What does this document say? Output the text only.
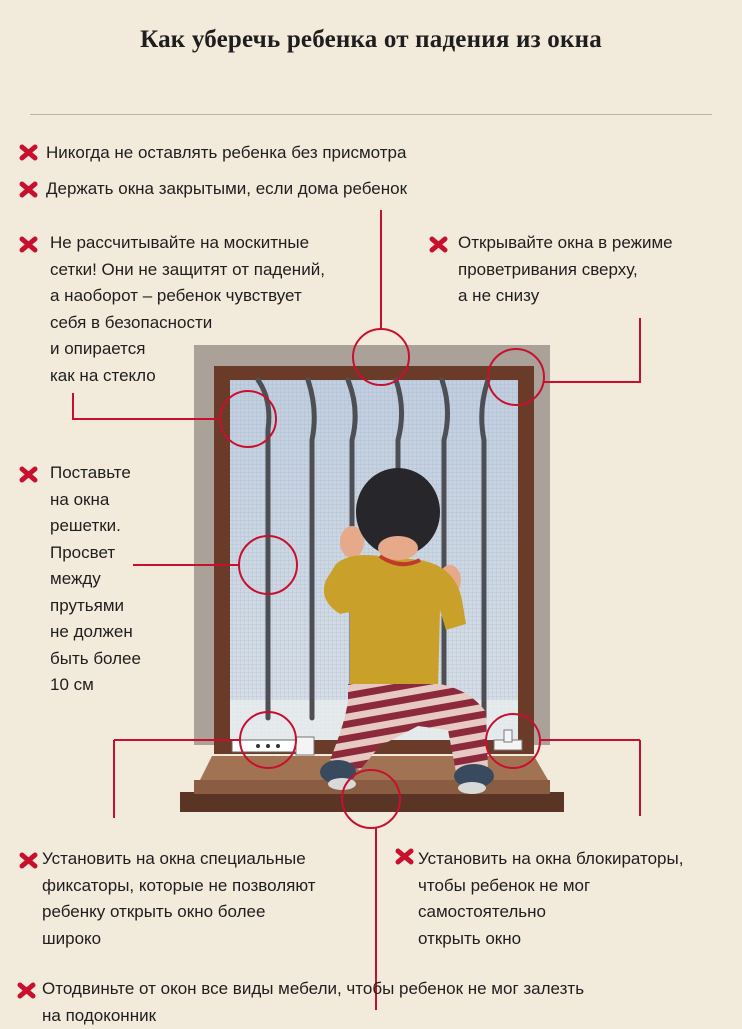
Как уберечь ребенка от падения из окна
Никогда не оставлять ребенка без присмотра
Держать окна закрытыми, если дома ребенок
Не рассчитывайте на москитные
сетки! Они не защитят от падений,
а наоборот – ребенок чувствует
себя в безопасности
и опирается
как на стекло
Открывайте окна в режиме
проветривания сверху,
а не снизу
Поставьте
на окна
решетки.
Просвет
между
прутьями
не должен
быть более
10 см
Установить на окна специальные
фиксаторы, которые не позволяют
ребенку открыть окно более
широко
Установить на окна блокираторы,
чтобы ребенок не мог
самостоятельно
открыть окно
Отодвиньте от окон все виды мебели, чтобы ребенок не мог залезть
на подоконник
